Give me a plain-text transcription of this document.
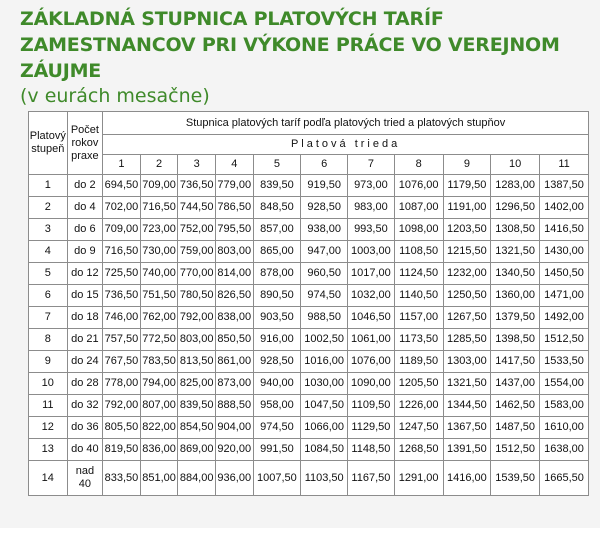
ZÁKLADNÁ STUPNICA PLATOVÝCH TARÍF ZAMESTNANCOV PRI VÝKONE PRÁCE VO VEREJNOM ZÁUJME

(v eurách mesačne)

Platový stupeň	Počet rokov praxe	Stupnica platových taríf podľa platových tried a platových stupňov										
		Platová trieda										
		1	2	3	4	5	6	7	8	9	10	11
1	do 2	694,50	709,00	736,50	779,00	839,50	919,50	973,00	1076,00	1179,50	1283,00	1387,50
2	do 4	702,00	716,50	744,50	786,50	848,50	928,50	983,00	1087,00	1191,00	1296,50	1402,00
3	do 6	709,00	723,00	752,00	795,50	857,00	938,00	993,50	1098,00	1203,50	1308,50	1416,50
4	do 9	716,50	730,00	759,00	803,00	865,00	947,00	1003,00	1108,50	1215,50	1321,50	1430,00
5	do 12	725,50	740,00	770,00	814,00	878,00	960,50	1017,00	1124,50	1232,00	1340,50	1450,50
6	do 15	736,50	751,50	780,50	826,50	890,50	974,50	1032,00	1140,50	1250,50	1360,00	1471,00
7	do 18	746,00	762,00	792,00	838,00	903,50	988,50	1046,50	1157,00	1267,50	1379,50	1492,00
8	do 21	757,50	772,50	803,00	850,50	916,00	1002,50	1061,00	1173,50	1285,50	1398,50	1512,50
9	do 24	767,50	783,50	813,50	861,00	928,50	1016,00	1076,00	1189,50	1303,00	1417,50	1533,50
10	do 28	778,00	794,00	825,00	873,00	940,00	1030,00	1090,00	1205,50	1321,50	1437,00	1554,00
11	do 32	792,00	807,00	839,50	888,50	958,00	1047,50	1109,50	1226,00	1344,50	1462,50	1583,00
12	do 36	805,50	822,00	854,50	904,00	974,50	1066,00	1129,50	1247,50	1367,50	1487,50	1610,00
13	do 40	819,50	836,00	869,00	920,00	991,50	1084,50	1148,50	1268,50	1391,50	1512,50	1638,00
14	nad 40	833,50	851,00	884,00	936,00	1007,50	1103,50	1167,50	1291,00	1416,00	1539,50	1665,50
